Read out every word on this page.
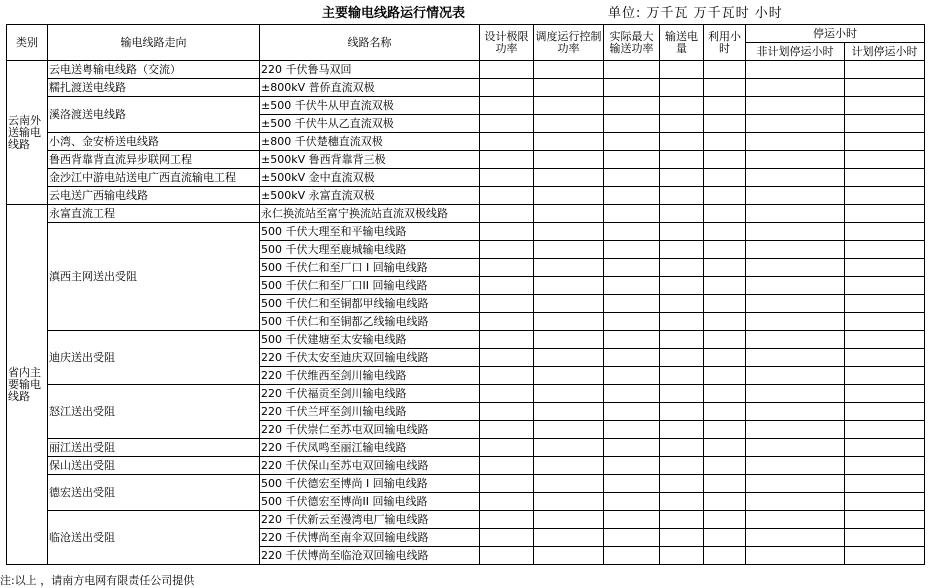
主要输电线路运行情况表	单位: 万千瓦 万千瓦时 小时
类别	输电线路走向	线路名称	设计极限功率	调度运行控制功率	实际最大输送功率	输送电量	利用小时	停运小时	
								非计划停运小时	计划停运小时
云南外送输电线路	云电送粤输电线路（交流）	220 千伏鲁马双回							
	糯扎渡送电线路	±800kV 普侨直流双极							
	溪洛渡送电线路	±500 千伏牛从甲直流双极							
		±500 千伏牛从乙直流双极							
	小湾、金安桥送电线路	±800 千伏楚穗直流双极							
	鲁西背靠背直流异步联网工程	±500kV 鲁西背靠背三极							
	金沙江中游电站送电广西直流输电工程	±500kV 金中直流双极							
	云电送广西输电线路	±500kV 永富直流双极							
省内主要输电线路	永富直流工程	永仁换流站至富宁换流站直流双极线路							
	滇西主网送出受阻	500 千伏大理至和平输电线路							
		500 千伏大理至鹿城输电线路							
		500 千伏仁和至厂口 I 回输电线路							
		500 千伏仁和至厂口II 回输电线路							
		500 千伏仁和至铜都甲线输电线路							
		500 千伏仁和至铜都乙线输电线路							
	迪庆送出受阻	500 千伏建塘至太安输电线路							
		220 千伏太安至迪庆双回输电线路							
		220 千伏维西至剑川输电线路							
	怒江送出受阻	220 千伏福贡至剑川输电线路							
		220 千伏兰坪至剑川输电线路							
		220 千伏崇仁至苏屯双回输电线路							
	丽江送出受阻	220 千伏凤鸣至丽江输电线路							
	保山送出受阻	220 千伏保山至苏屯双回输电线路							
	德宏送出受阻	500 千伏德宏至博尚 I 回输电线路							
		500 千伏德宏至博尚II 回输电线路							
	临沧送出受阻	220 千伏新云至漫湾电厂输电线路							
		220 千伏博尚至南伞双回输电线路							
		220 千伏博尚至临沧双回输电线路							
注:以上 ，请南方电网有限责任公司提供
